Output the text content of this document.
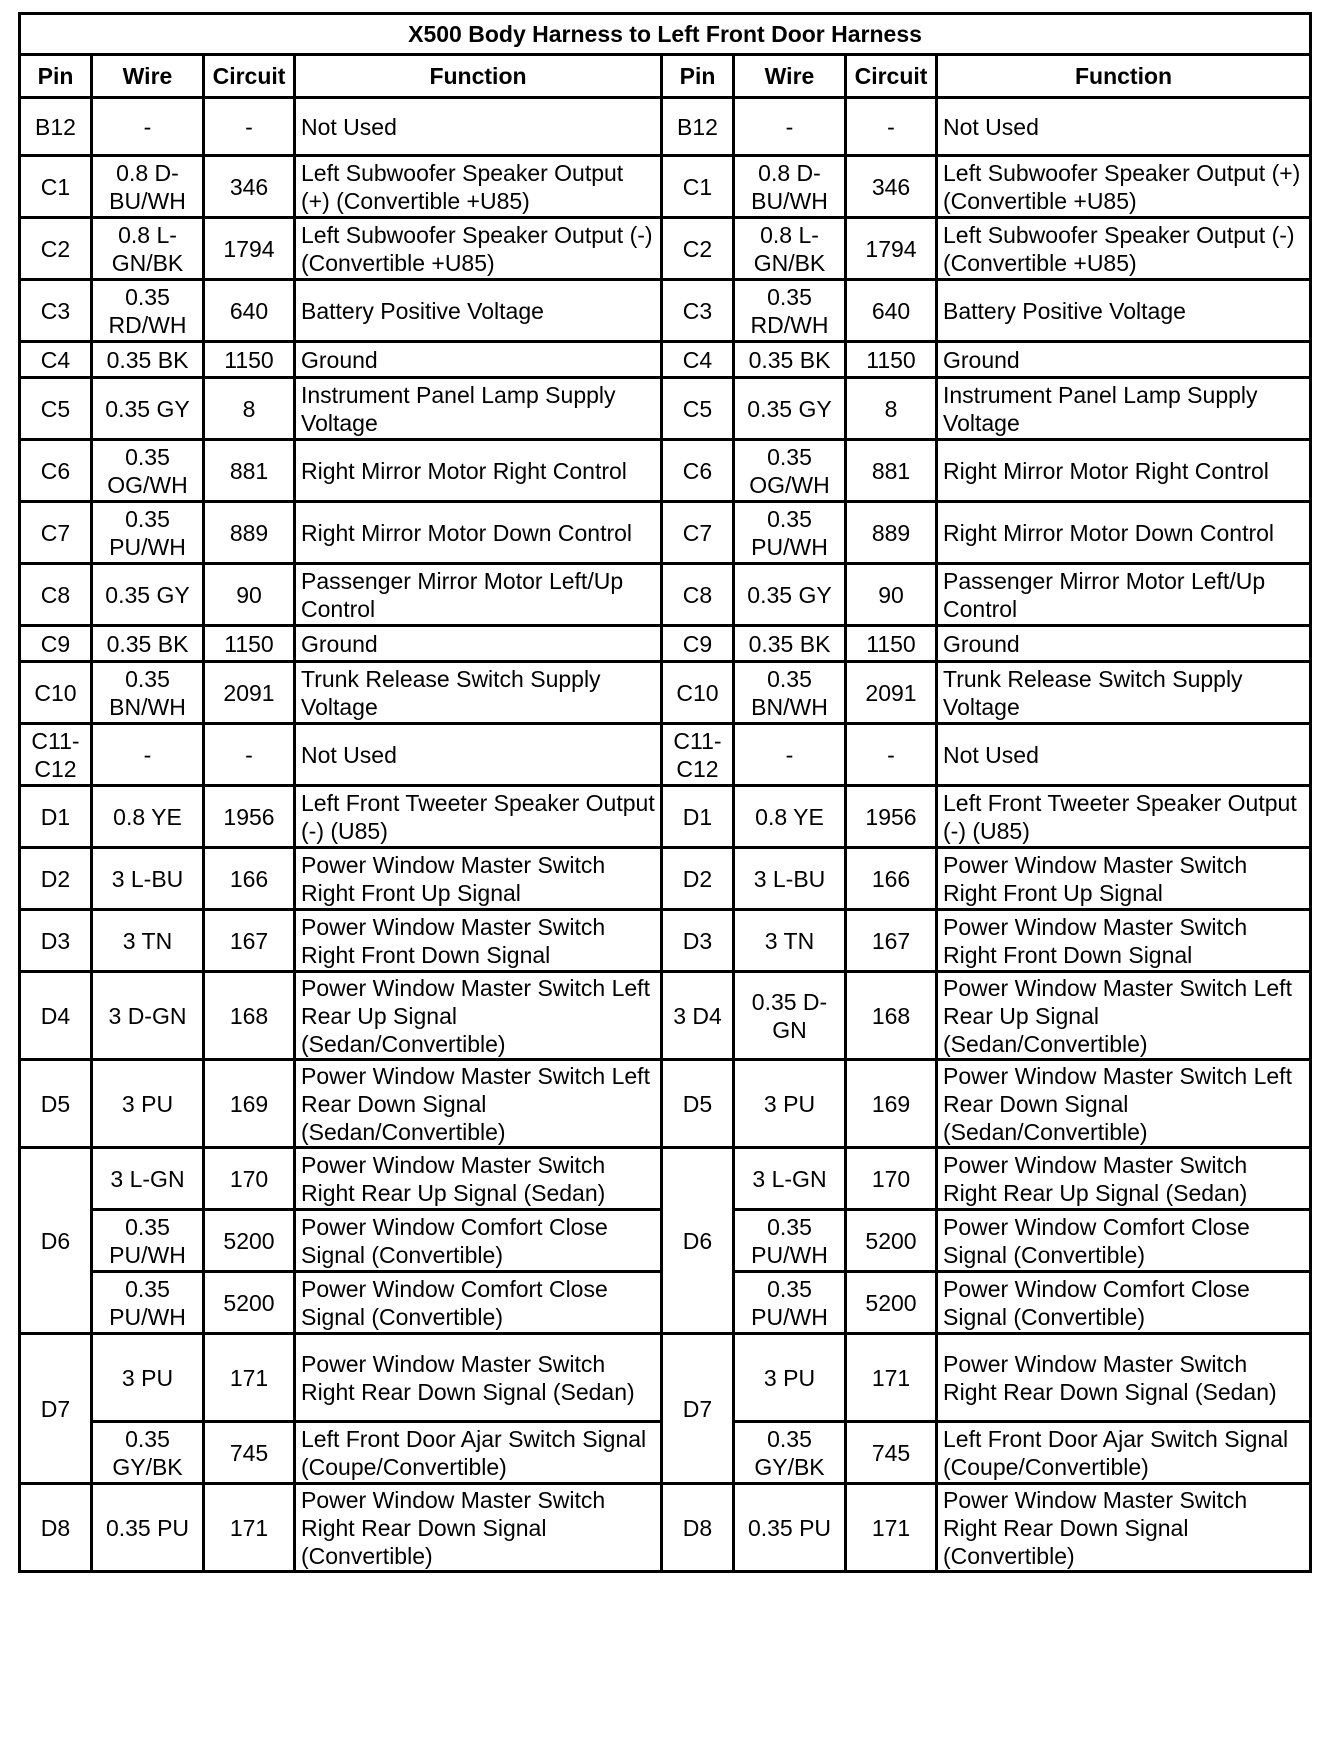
X500 Body Harness to Left Front Door Harness							
Pin	Wire	Circuit	Function	Pin	Wire	Circuit	Function
B12	-	-	Not Used	B12	-	-	Not Used
C1	0.8 D-BU/WH	346	Left Subwoofer Speaker Output (+) (Convertible +U85)	C1	0.8 D-BU/WH	346	Left Subwoofer Speaker Output (+) (Convertible +U85)
C2	0.8 L-GN/BK	1794	Left Subwoofer Speaker Output (-) (Convertible +U85)	C2	0.8 L-GN/BK	1794	Left Subwoofer Speaker Output (-) (Convertible +U85)
C3	0.35 RD/WH	640	Battery Positive Voltage	C3	0.35 RD/WH	640	Battery Positive Voltage
C4	0.35 BK	1150	Ground	C4	0.35 BK	1150	Ground
C5	0.35 GY	8	Instrument Panel Lamp Supply Voltage	C5	0.35 GY	8	Instrument Panel Lamp Supply Voltage
C6	0.35 OG/WH	881	Right Mirror Motor Right Control	C6	0.35 OG/WH	881	Right Mirror Motor Right Control
C7	0.35 PU/WH	889	Right Mirror Motor Down Control	C7	0.35 PU/WH	889	Right Mirror Motor Down Control
C8	0.35 GY	90	Passenger Mirror Motor Left/Up Control	C8	0.35 GY	90	Passenger Mirror Motor Left/Up Control
C9	0.35 BK	1150	Ground	C9	0.35 BK	1150	Ground
C10	0.35 BN/WH	2091	Trunk Release Switch Supply Voltage	C10	0.35 BN/WH	2091	Trunk Release Switch Supply Voltage
C11-C12	-	-	Not Used	C11-C12	-	-	Not Used
D1	0.8 YE	1956	Left Front Tweeter Speaker Output (-) (U85)	D1	0.8 YE	1956	Left Front Tweeter Speaker Output (-) (U85)
D2	3 L-BU	166	Power Window Master Switch Right Front Up Signal	D2	3 L-BU	166	Power Window Master Switch Right Front Up Signal
D3	3 TN	167	Power Window Master Switch Right Front Down Signal	D3	3 TN	167	Power Window Master Switch Right Front Down Signal
D4	3 D-GN	168	Power Window Master Switch Left Rear Up Signal (Sedan/Convertible)	3 D4	0.35 D-GN	168	Power Window Master Switch Left Rear Up Signal (Sedan/Convertible)
D5	3 PU	169	Power Window Master Switch Left Rear Down Signal (Sedan/Convertible)	D5	3 PU	169	Power Window Master Switch Left Rear Down Signal (Sedan/Convertible)
D6	3 L-GN	170	Power Window Master Switch Right Rear Up Signal (Sedan)	D6	3 L-GN	170	Power Window Master Switch Right Rear Up Signal (Sedan)
	0.35 PU/WH	5200	Power Window Comfort Close Signal (Convertible)		0.35 PU/WH	5200	Power Window Comfort Close Signal (Convertible)
	0.35 PU/WH	5200	Power Window Comfort Close Signal (Convertible)		0.35 PU/WH	5200	Power Window Comfort Close Signal (Convertible)
D7	3 PU	171	Power Window Master Switch Right Rear Down Signal (Sedan)	D7	3 PU	171	Power Window Master Switch Right Rear Down Signal (Sedan)
	0.35 GY/BK	745	Left Front Door Ajar Switch Signal (Coupe/Convertible)		0.35 GY/BK	745	Left Front Door Ajar Switch Signal (Coupe/Convertible)
D8	0.35 PU	171	Power Window Master Switch Right Rear Down Signal (Convertible)	D8	0.35 PU	171	Power Window Master Switch Right Rear Down Signal (Convertible)
